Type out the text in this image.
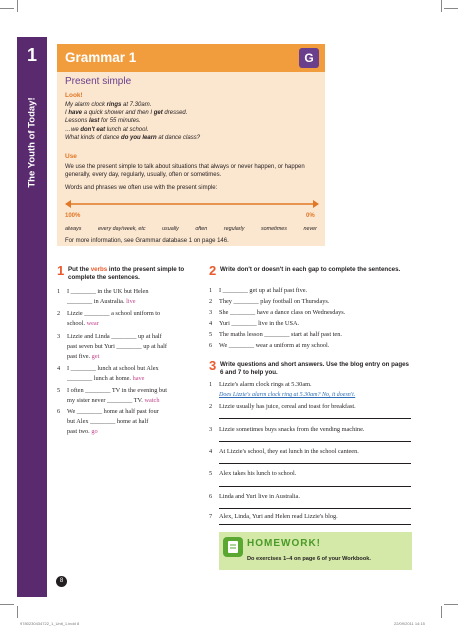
1
The Youth of Today!
Grammar 1	G
Present simple
Look!
My alarm clock rings at 7.30am.
I have a quick shower and then I get dressed.
Lessons last for 55 minutes.
…we don't eat lunch at school.
What kinds of dance do you learn at dance class?
Use
We use the present simple to talk about situations that always or never happen, or happen generally, every day, regularly, usually, often or sometimes.
Words and phrases we often use with the present simple:
100%	0%
always	every day/week, etc	usually	often	regularly	sometimes	never
For more information, see Grammar database 1 on page 146.
1 Put the verbs into the present simple to complete the sentences.
1 I ________ in the UK but Helen
________ in Australia. live
2 Lizzie ________ a school uniform to
school. wear
3 Lizzie and Linda ________ up at half
past seven but Yuri ________ up at half
past five. get
4 I ________ lunch at school but Alex
________ lunch at home. have
5 I often ________ TV in the evening but
my sister never ________ TV. watch
6 We ________ home at half past four
but Alex ________ home at half
past two. go
2 Write don't or doesn't in each gap to complete the sentences.
1 I ________ get up at half past five.
2 They ________ play football on Thursdays.
3 She ________ have a dance class on Wednesdays.
4 Yuri ________ live in the USA.
5 The maths lesson ________ start at half past ten.
6 We ________ wear a uniform at my school.
3 Write questions and short answers. Use the blog entry on pages 6 and 7 to help you.
1 Lizzie's alarm clock rings at 5.30am.
Does Lizzie's alarm clock ring at 5.30am? No, it doesn't.
2 Lizzie usually has juice, cereal and toast for breakfast.
3 Lizzie sometimes buys snacks from the vending machine.
4 At Lizzie's school, they eat lunch in the school canteen.
5 Alex takes his lunch to school.
6 Linda and Yuri live in Australia.
7 Alex, Linda, Yuri and Helen read Lizzie's blog.
HOMEWORK!
Do exercises 1–4 on page 6 of your Workbook.
8
9780230434722_1_Unit_1.indd 8	22/09/2011 14:15
